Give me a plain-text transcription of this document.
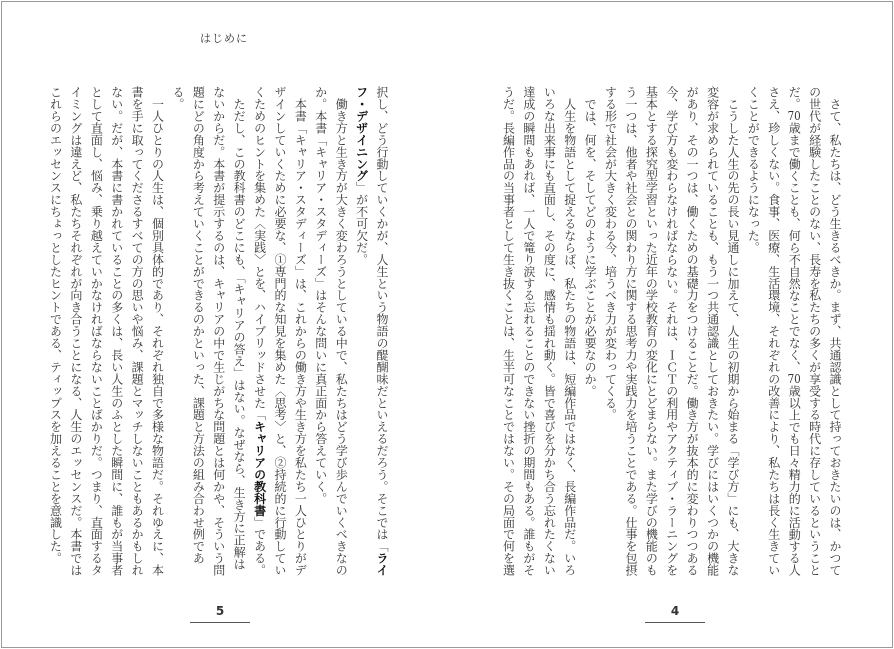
はじめに
択し、どう行動していくかが、人生という物語の醍醐味だといえるだろう。そこでは「ライ
フ・デザイニング」が不可欠だ。
　働き方と生き方が大きく変わろうとしている中で、私たちはどう学び歩んでいくべきなの
か。本書「キャリア・スタディーズ」はそんな問いに真正面から答えていく。
　本書「キャリア・スタディーズ」は、これからの働き方や生き方を私たち一人ひとりがデ
ザインしていくために必要な、①専門的な知見を集めた〈思考〉と、②持続的に行動してい
くためのヒントを集めた〈実践〉とを、ハイブリッドさせた「キャリアの教科書」である。
　ただし、この教科書のどこにも、「キャリアの答え」はない。なぜなら、生き方に正解は
ないからだ。本書が提示するのは、キャリアの中で生じがちな問題とは何かや、そういう問
題にどの角度から考えていくことができるのかといった、課題と方法の組み合わせ例であ
る。
　一人ひとりの人生は、個別具体的であり、それぞれ独自で多様な物語だ。それゆえに、本
書を手に取ってくださるすべての方の思いや悩み、課題とマッチしないこともあるかもしれ
ない。だが、本書に書かれていることの多くは、長い人生のふとした瞬間に、誰もが当事者
として直面し、悩み、乗り越えていかなければならないことばかりだ。つまり、直面するタ
イミングは違えど、私たちそれぞれが向き合うことになる、人生のエッセンスだ。本書では
これらのエッセンスにちょっとしたヒントである、ティップスを加えることを意識した。	　さて、私たちは、どう生きるべきか。まず、共通認識として持っておきたいのは、かつて
の世代が経験したことのない、長寿を私たちの多くが享受する時代に存しているということ
だ。70歳まで働くことも、何ら不自然なことでなく、70歳以上でも日々精力的に活動する人
さえ、珍しくない。食事、医療、生活環境、それぞれの改善により、私たちは長く生きてい
くことができるようになった。
　こうした人生の先の長い見通しに加えて、人生の初期から始まる「学び方」にも、大きな
変容が求められていることも、もう一つ共通認識としておきたい。学びにはいくつかの機能
があり、その一つは、働くための基礎力をつけることだ。働き方が抜本的に変わりつつある
今、学び方も変わらなければならない。それは、ＩＣＴの利用やアクティブ・ラーニングを
基本とする探究型学習といった近年の学校教育の変化にとどまらない。また学びの機能のも
う一つは、他者や社会との関わり方に関する思考力や実践力を培うことである。仕事を包摂
する形で社会が大きく変わる今、培うべき力が変わってくる。
　では、何を、そしてどのように学ぶことが必要なのか。
　人生を物語として捉えるならば、私たちの物語は、短編作品ではなく、長編作品だ。いろ
いろな出来事にも直面し、その度に、感情も揺れ動く。皆で喜びを分かち合う忘れたくない
達成の瞬間もあれば、一人で篭り涙する忘れることのできない挫折の期間もある。誰もがそ
うだ。長編作品の当事者として生き抜くことは、生半可なことではない。その局面で何を選
5	4
